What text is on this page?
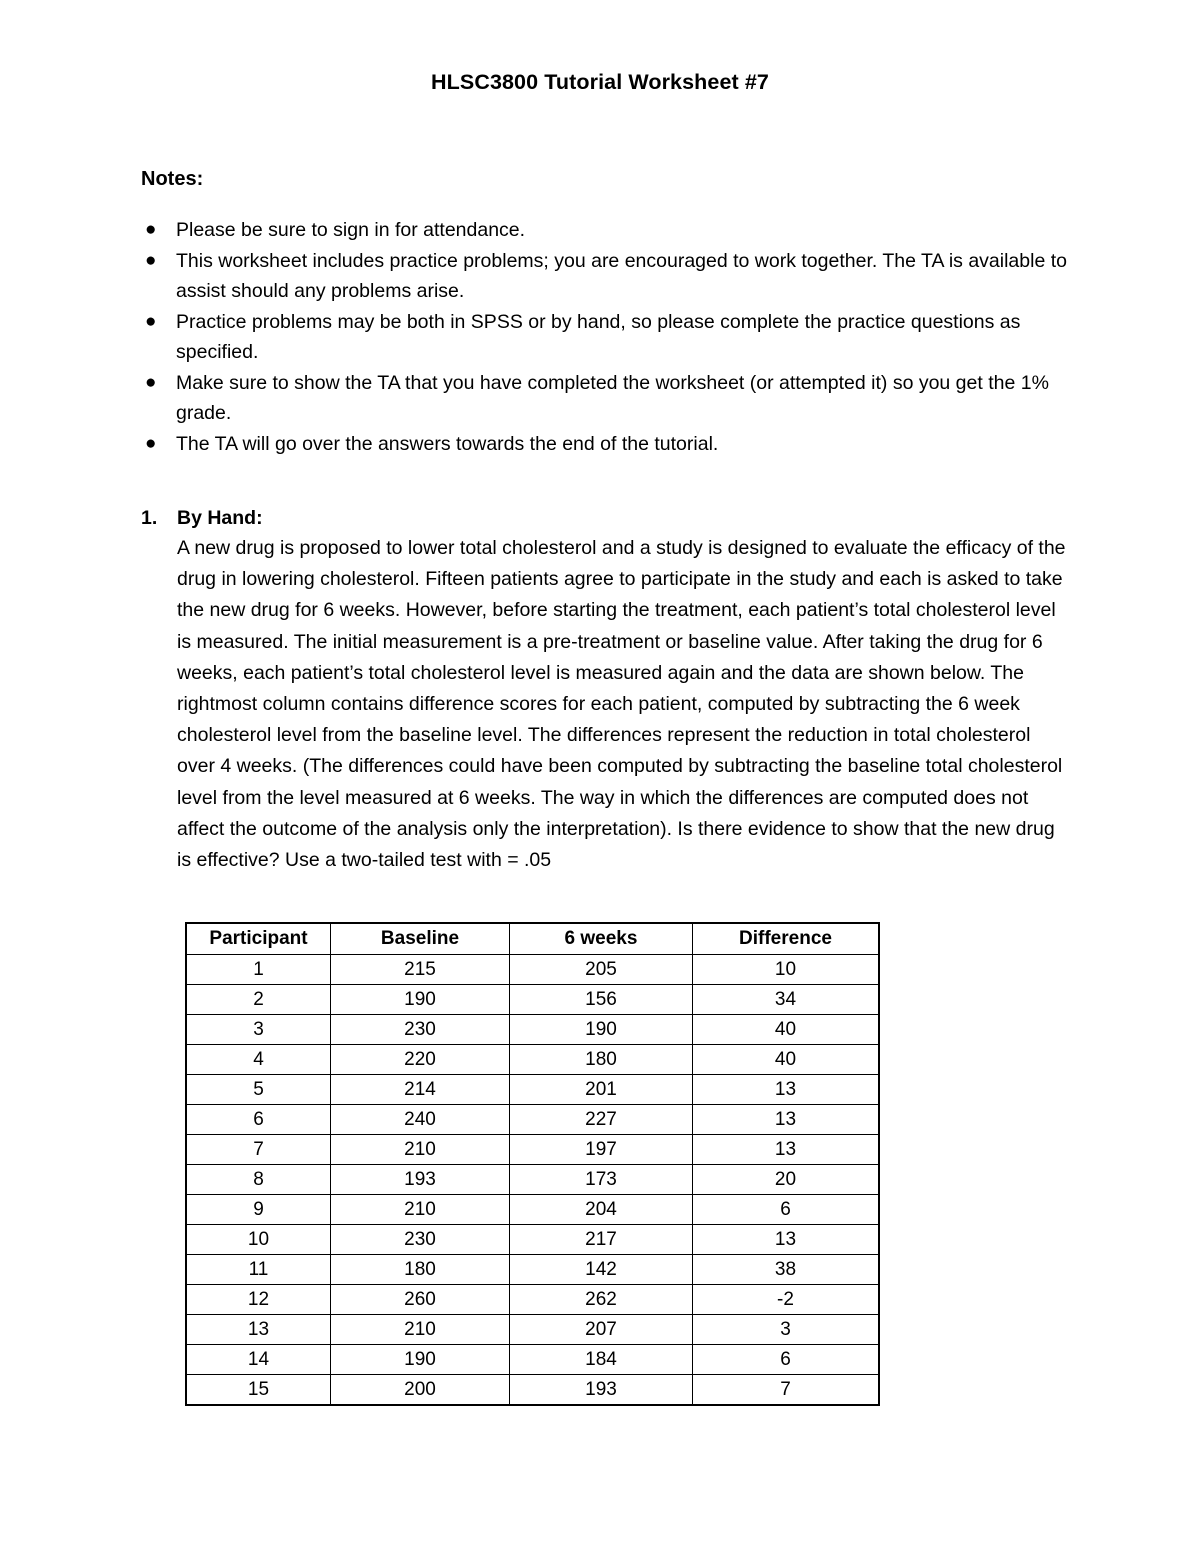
HLSC3800 Tutorial Worksheet #7
Notes:
● Please be sure to sign in for attendance.
● This worksheet includes practice problems; you are encouraged to work together. The TA is available to assist should any problems arise.
● Practice problems may be both in SPSS or by hand, so please complete the practice questions as specified.
● Make sure to show the TA that you have completed the worksheet (or attempted it) so you get the 1% grade.
● The TA will go over the answers towards the end of the tutorial.
1. By Hand:
A new drug is proposed to lower total cholesterol and a study is designed to evaluate the efficacy of the drug in lowering cholesterol. Fifteen patients agree to participate in the study and each is asked to take the new drug for 6 weeks. However, before starting the treatment, each patient’s total cholesterol level is measured. The initial measurement is a pre-treatment or baseline value. After taking the drug for 6 weeks, each patient’s total cholesterol level is measured again and the data are shown below. The rightmost column contains difference scores for each patient, computed by subtracting the 6 week cholesterol level from the baseline level. The differences represent the reduction in total cholesterol over 4 weeks. (The differences could have been computed by subtracting the baseline total cholesterol level from the level measured at 6 weeks. The way in which the differences are computed does not affect the outcome of the analysis only the interpretation). Is there evidence to show that the new drug is effective? Use a two-tailed test with = .05
Participant	Baseline	6 weeks	Difference
1	215	205	10
2	190	156	34
3	230	190	40
4	220	180	40
5	214	201	13
6	240	227	13
7	210	197	13
8	193	173	20
9	210	204	6
10	230	217	13
11	180	142	38
12	260	262	-2
13	210	207	3
14	190	184	6
15	200	193	7
